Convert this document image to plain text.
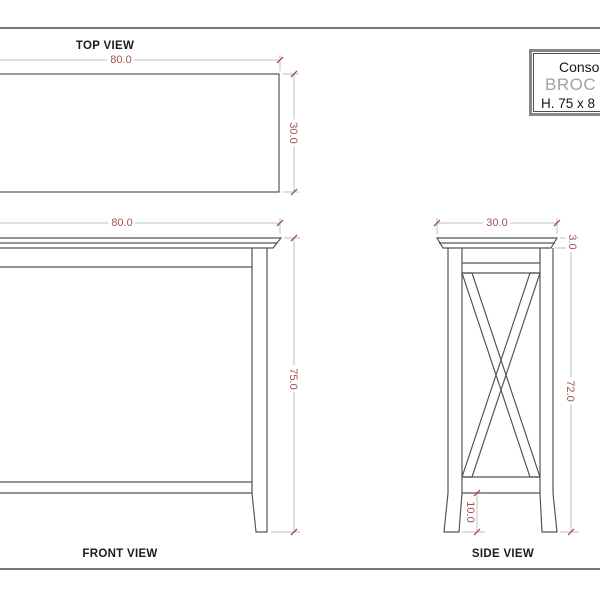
TOP VIEW
FRONT VIEW	SIDE VIEW
80.0
30.0
80.0
75.0
30.0
3.0
72.0
10.0
Conso
BROC
H. 75 x 8
